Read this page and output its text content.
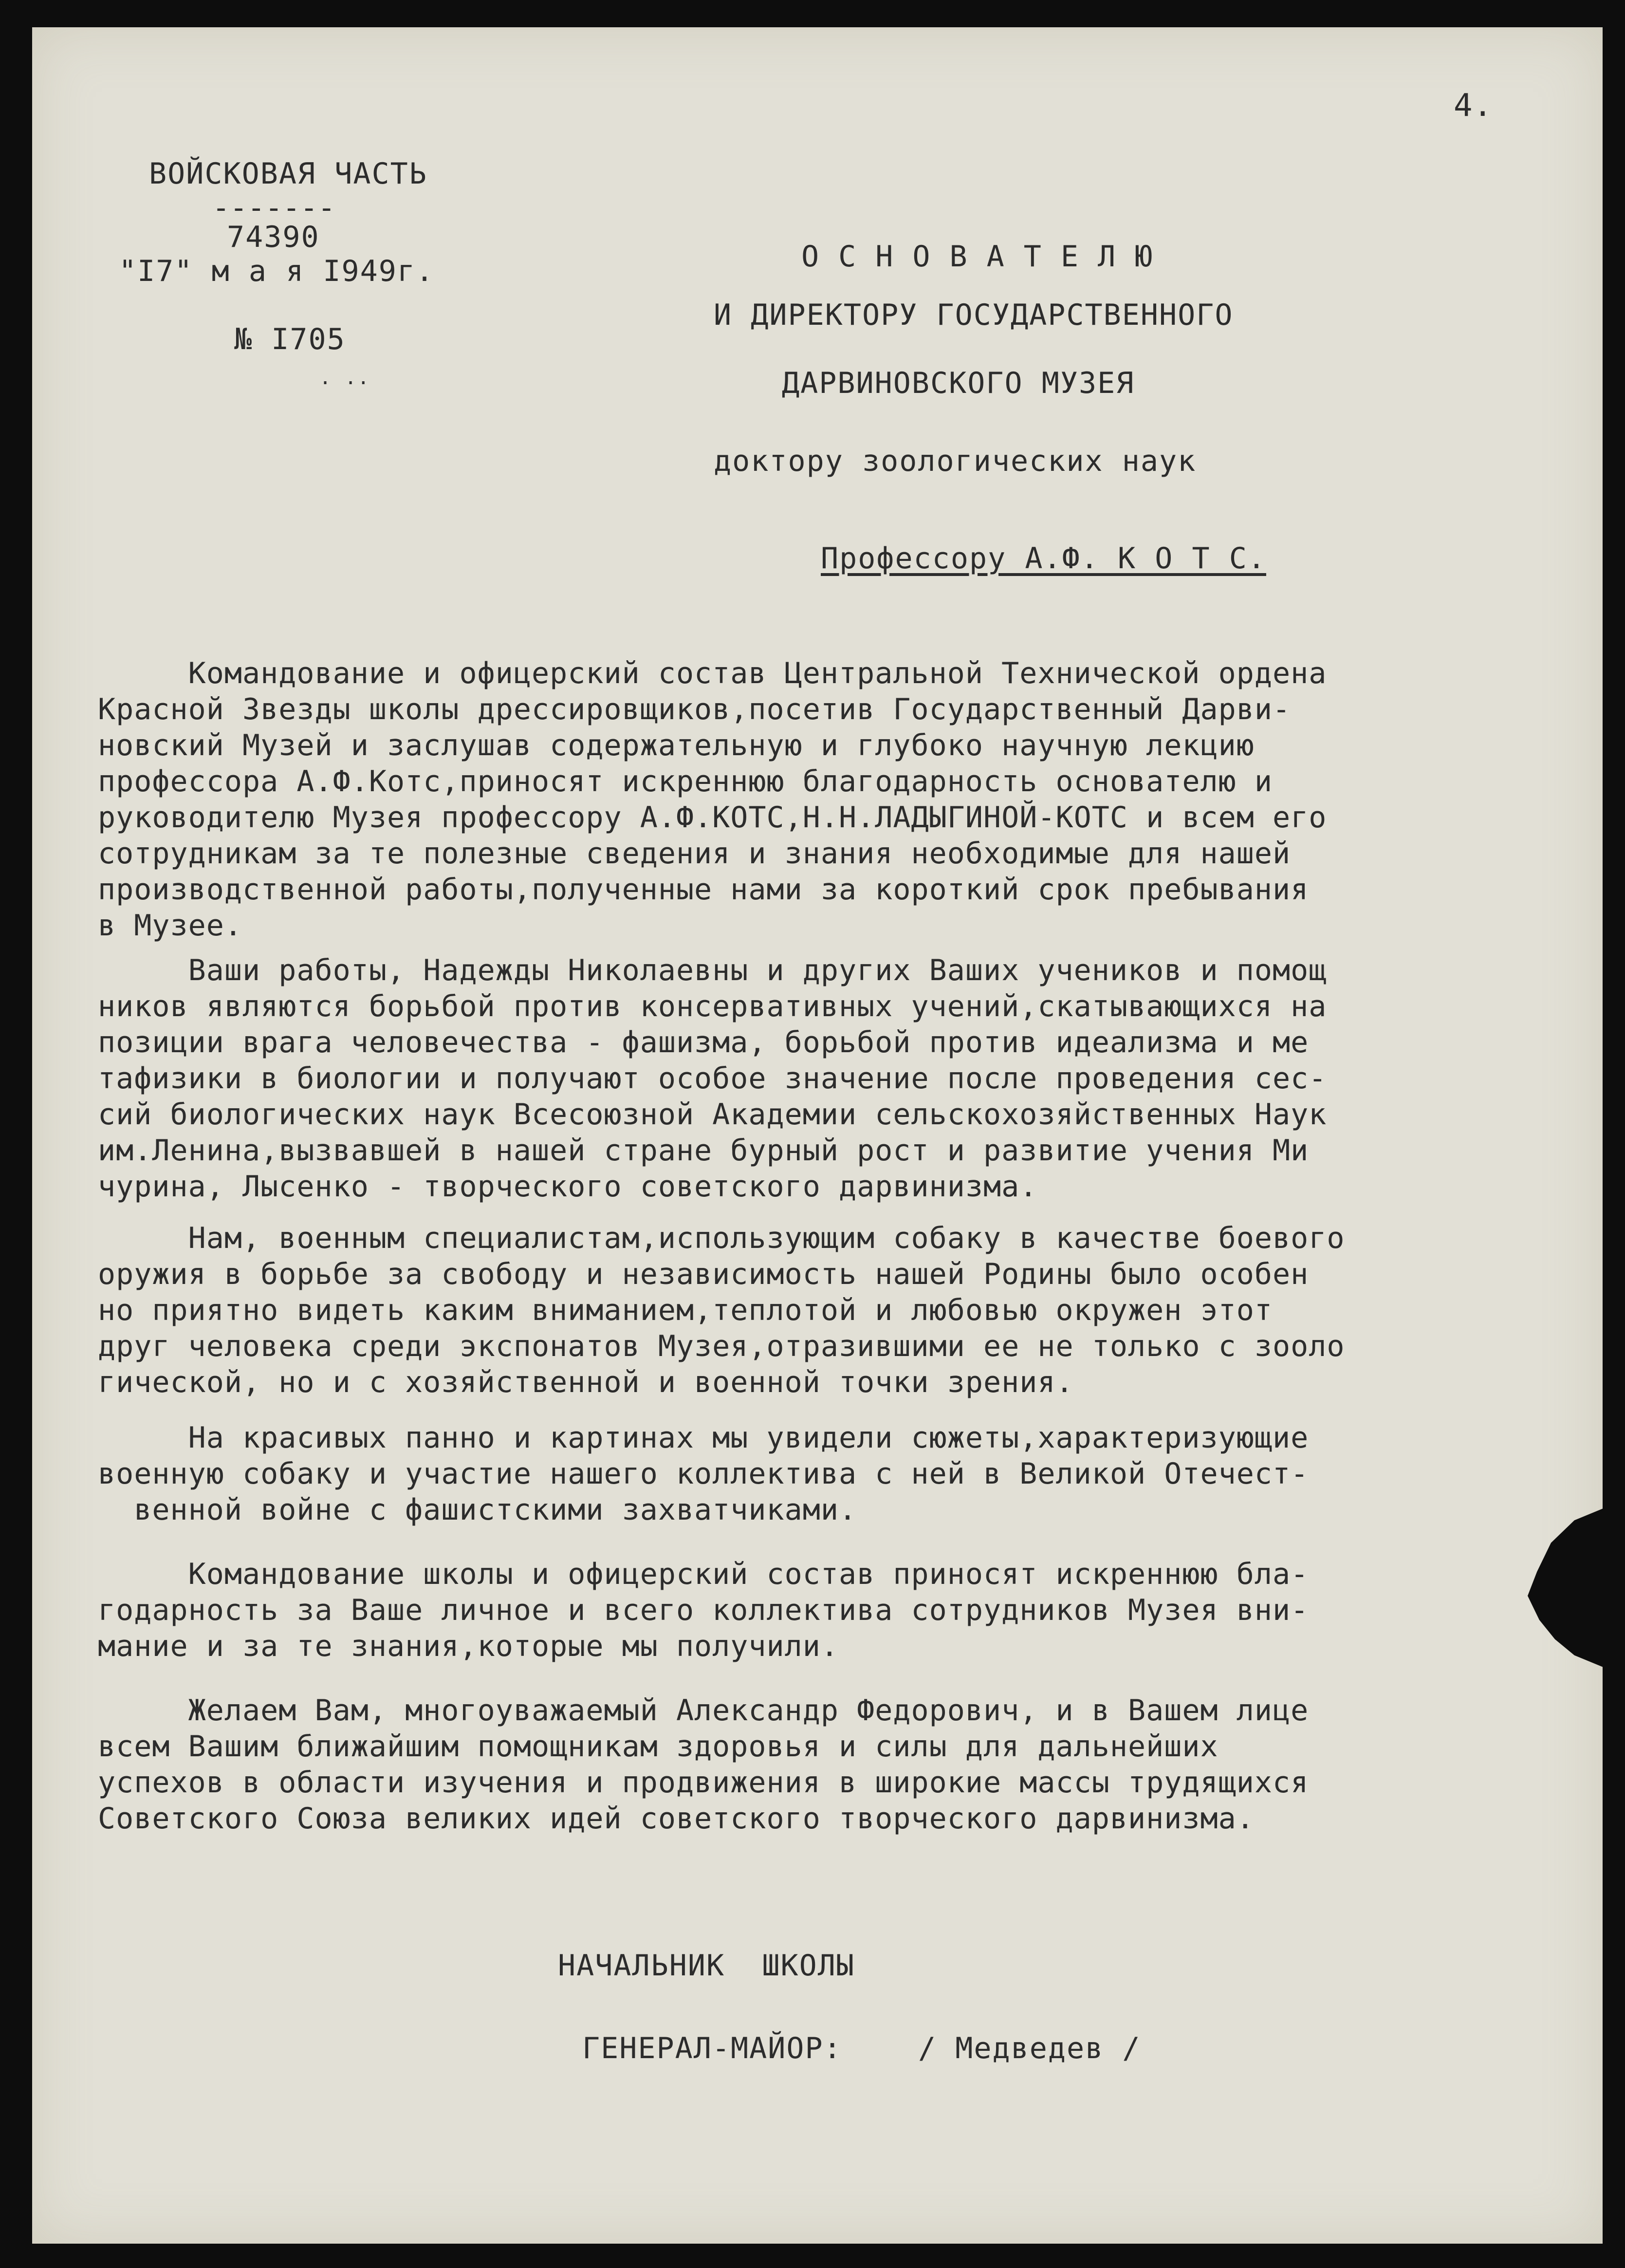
4.
ВОЙСКОВАЯ ЧАСТЬ
-------
74390
"I7" м а я I949г.
№ I705
· ··
ОСНОВАТЕЛЮ
И ДИРЕКТОРУ ГОСУДАРСТВЕННОГО
ДАРВИНОВСКОГО МУЗЕЯ
доктору зоологических наук
Профессору А.Ф. К О Т С.
Командование и офицерский состав Центральной Технической ордена
Красной Звезды школы дрессировщиков,посетив Государственный Дарви-
новский Музей и заслушав содержательную и глубоко научную лекцию
профессора А.Ф.Котс,приносят искреннюю благодарность основателю и
руководителю Музея профессору А.Ф.КОТС,Н.Н.ЛАДЫГИНОЙ-КОТС и всем его
сотрудникам за те полезные сведения и знания необходимые для нашей
производственной работы,полученные нами за короткий срок пребывания
в Музее.
Ваши работы, Надежды Николаевны и других Ваших учеников и помощ
ников являются борьбой против консервативных учений,скатывающихся на
позиции врага человечества - фашизма, борьбой против идеализма и ме
тафизики в биологии и получают особое значение после проведения сес-
сий биологических наук Всесоюзной Академии сельскохозяйственных Наук
им.Ленина,вызвавшей в нашей стране бурный рост и развитие учения Ми
чурина, Лысенко - творческого советского дарвинизма.
Нам, военным специалистам,использующим собаку в качестве боевого
оружия в борьбе за свободу и независимость нашей Родины было особен
но приятно видеть каким вниманием,теплотой и любовью окружен этот
друг человека среди экспонатов Музея,отразившими ее не только с зооло
гической, но и с хозяйственной и военной точки зрения.
На красивых панно и картинах мы увидели сюжеты,характеризующие
военную собаку и участие нашего коллектива с ней в Великой Отечест-
венной войне с фашистскими захватчиками.
Командование школы и офицерский состав приносят искреннюю бла-
годарность за Ваше личное и всего коллектива сотрудников Музея вни-
мание и за те знания,которые мы получили.
Желаем Вам, многоуважаемый Александр Федорович, и в Вашем лице
всем Вашим ближайшим помощникам здоровья и силы для дальнейших
успехов в области изучения и продвижения в широкие массы трудящихся
Советского Союза великих идей советского творческого дарвинизма.
НАЧАЛЬНИК  ШКОЛЫ
ГЕНЕРАЛ-МАЙОР:	/ Медведев /
